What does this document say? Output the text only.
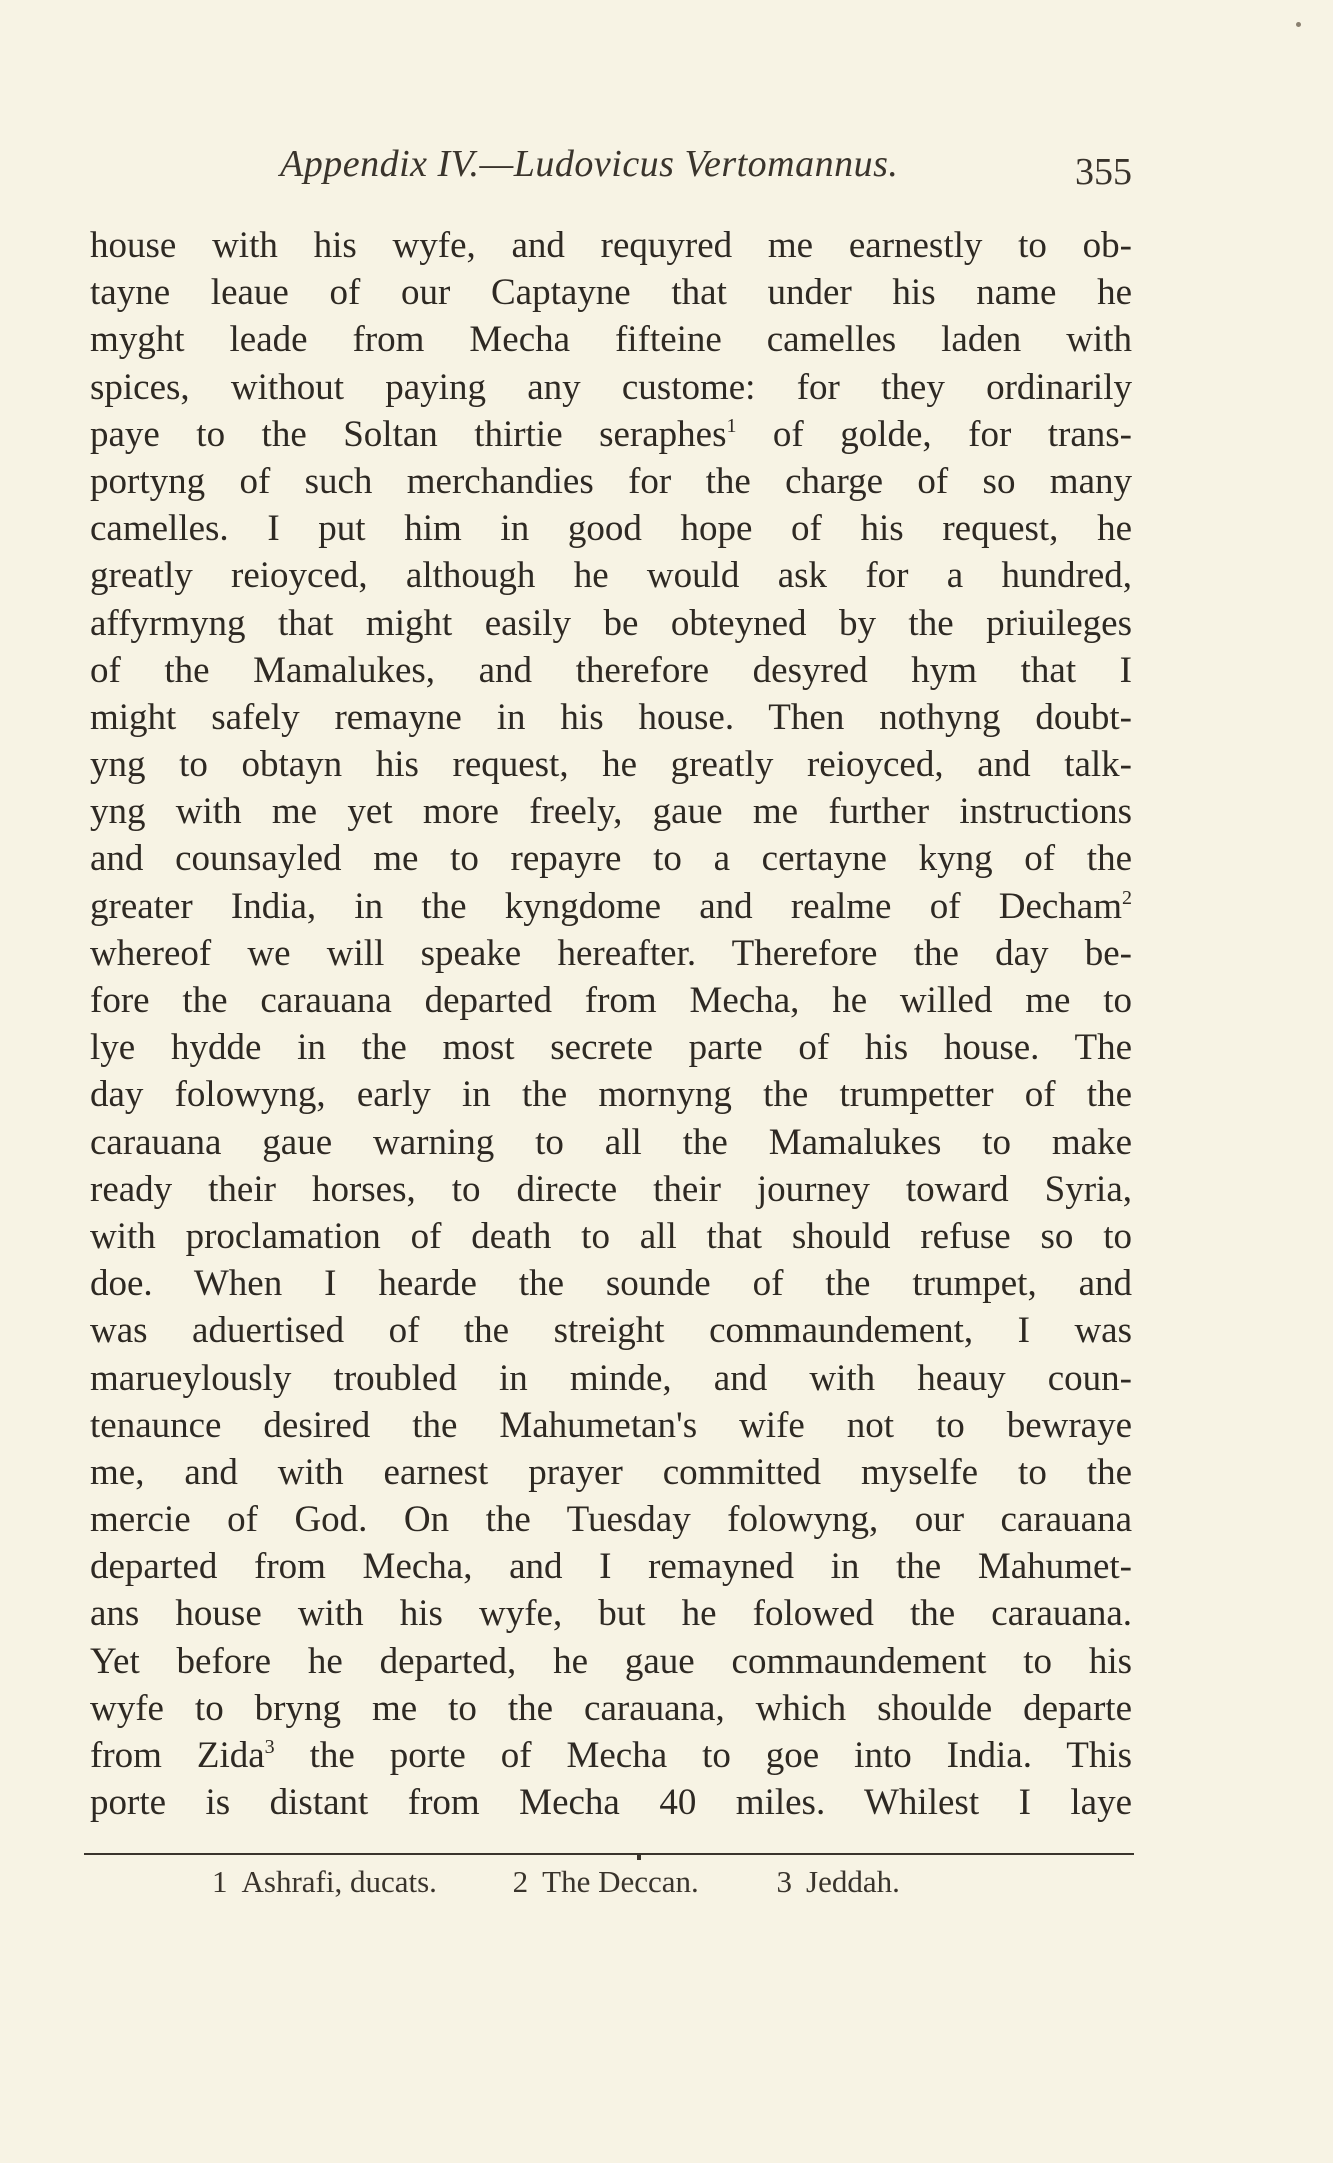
Appendix IV.—Ludovicus Vertomannus.	355
house with his wyfe, and requyred me earnestly to ob-
tayne leaue of our Captayne that under his name he
myght leade from Mecha fifteine camelles laden with
spices, without paying any custome: for they ordinarily
paye to the Soltan thirtie seraphes$^1$ of golde, for trans-
portyng of such merchandies for the charge of so many
camelles. I put him in good hope of his request, he
greatly reioyced, although he would ask for a hundred,
affyrmyng that might easily be obteyned by the priuileges
of the Mamalukes, and therefore desyred hym that I
might safely remayne in his house. Then nothyng doubt-
yng to obtayn his request, he greatly reioyced, and talk-
yng with me yet more freely, gaue me further instructions
and counsayled me to repayre to a certayne kyng of the
greater India, in the kyngdome and realme of Decham$^2$
whereof we will speake hereafter. Therefore the day be-
fore the carauana departed from Mecha, he willed me to
lye hydde in the most secrete parte of his house. The
day folowyng, early in the mornyng the trumpetter of the
carauana gaue warning to all the Mamalukes to make
ready their horses, to directe their journey toward Syria,
with proclamation of death to all that should refuse so to
doe. When I hearde the sounde of the trumpet, and
was aduertised of the streight commaundement, I was
marueylously troubled in minde, and with heauy coun-
tenaunce desired the Mahumetan's wife not to bewraye
me, and with earnest prayer committed myselfe to the
mercie of God. On the Tuesday folowyng, our carauana
departed from Mecha, and I remayned in the Mahumet-
ans house with his wyfe, but he folowed the carauana.
Yet before he departed, he gaue commaundement to his
wyfe to bryng me to the carauana, which shoulde departe
from Zida$^3$ the porte of Mecha to goe into India. This
porte is distant from Mecha 40 miles. Whilest I laye
1 Ashrafi, ducats. 2 The Deccan.	3 Jeddah.
